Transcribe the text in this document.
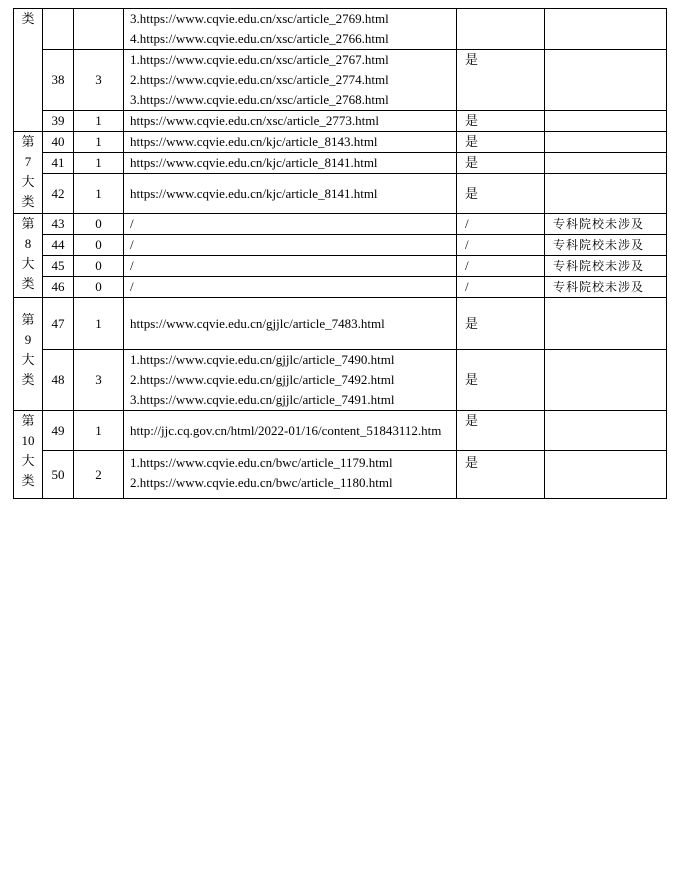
类			3.https://www.cqvie.edu.cn/xsc/article_2769.html
4.https://www.cqvie.edu.cn/xsc/article_2766.html		

	38	3	1.https://www.cqvie.edu.cn/xsc/article_2767.html
2.https://www.cqvie.edu.cn/xsc/article_2774.html
3.https://www.cqvie.edu.cn/xsc/article_2768.html	是	
	39	1	https://www.cqvie.edu.cn/xsc/article_2773.html	是	

第
7
大
类	40	1	https://www.cqvie.edu.cn/kjc/article_8143.html	是	
	41	1	https://www.cqvie.edu.cn/kjc/article_8141.html	是	
	42	1	https://www.cqvie.edu.cn/kjc/article_8141.html	是	

第
8
大
类	43	0	/	/	专科院校未涉及
	44	0	/	/	专科院校未涉及
	45	0	/	/	专科院校未涉及
	46	0	/	/	专科院校未涉及

第
9
大
类	47	1	https://www.cqvie.edu.cn/gjjlc/article_7483.html	是	
	48	3	1.https://www.cqvie.edu.cn/gjjlc/article_7490.html
2.https://www.cqvie.edu.cn/gjjlc/article_7492.html
3.https://www.cqvie.edu.cn/gjjlc/article_7491.html	是	

第
10
大
类	49	1	http://jjc.cq.gov.cn/html/2022-01/16/content_51843112.htm	是	
	50	2	1.https://www.cqvie.edu.cn/bwc/article_1179.html
2.https://www.cqvie.edu.cn/bwc/article_1180.html	是	
